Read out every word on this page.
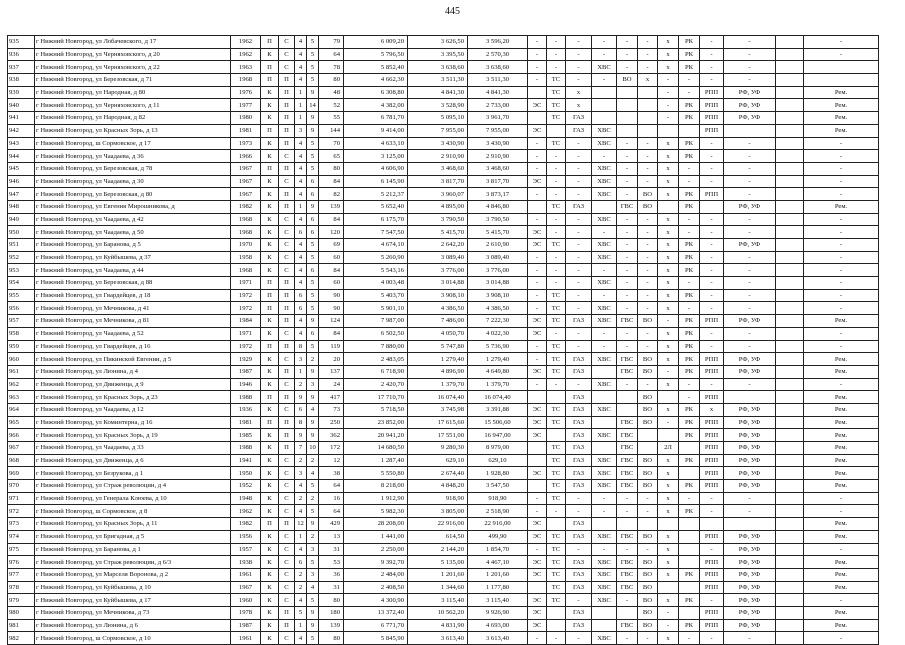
445
935	г Нижний Новгород, ул Лобачевского, д 17	1962	П	С	4	5	79	6 009,20	3 626,50	3 596,20	-	-	-	-	-	-	x	РК	-	-		-
936	г Нижний Новгород, ул Черняховского, д 20	1962	К	С	4	5	64	5 796,50	3 395,50	2 570,30	-	-	-	-	-	-	x	РК	-	-		-
937	г Нижний Новгород, ул Черняховского, д 22	1963	П	С	4	5	78	5 852,40	3 638,60	3 638,60	-	-	-	ХВС	-	-	x	РК	-	-		
938	г Нижний Новгород, ул Березовская, д 71	1968	П	П	4	5	80	4 662,30	3 511,30	3 511,30	-	ТС	-	-	ВО	x	-	-	-	-		
939	г Нижний Новгород, ул Народная, д 80	1976	К	П	1	9	48	6 308,80	4 841,30	4 841,30		ТС	x				-	-	РПП	РФ, УФ		Рем.
940	г Нижний Новгород, ул Черняховского, д 11	1977	К	П	1	14	52	4 382,00	3 528,90	2 733,00	ЭС	ТС	x				-	РК	РПП	РФ, УФ		Рем.
941	г Нижний Новгород, ул Народная, д 82	1980	К	П	1	9	55	6 781,70	5 095,10	3 961,70		ТС	ГАЗ				-	РК	РПП	РФ, УФ		Рем.
942	г Нижний Новгород, ул Красных Зорь, д 13	1981	П	П	3	9	144	9 414,00	7 955,00	7 955,00	ЭС		ГАЗ	ХВС					РПП			Рем.
943	г Нижний Новгород, ш Сормовское, д 17	1973	К	П	4	5	70	4 633,10	3 430,90	3 430,90	-	ТС	-	ХВС	-	-	x	РК	-	-		-
944	г Нижний Новгород, ул Чаадаева, д 36	1966	К	С	4	5	65	3 125,00	2 910,90	2 910,90	-	-	-	-	-	-	x	РК	-	-		-
945	г Нижний Новгород, ул Березовская, д 78	1967	П	П	4	5	80	4 606,90	3 468,60	3 468,60	-	-	-	ХВС	-	-	x	-	-	-		-
946	г Нижний Новгород, ул Чаадаева, д 30	1967	К	С	4	6	84	6 145,90	3 817,70	3 817,70	ЭС	-	-	ХВС	-	-	x	-	-	-		-
947	г Нижний Новгород, ул Березовская, д 80	1967	К	П	4	6	82	5 212,37	3 960,07	3 873,17	-	-	-	ХВС	-	ВО	x	РК	РПП	-		-
948	г Нижний Новгород, ул Евгения Мирошникова, д	1982	К	П	1	9	139	5 652,40	4 895,00	4 846,80		ТС	ГАЗ		ГВС	ВО		РК		РФ, УФ		Рем.
949	г Нижний Новгород, ул Чаадаева, д 42	1968	К	С	4	6	84	6 175,70	3 790,50	3 790,50	-	-	-	ХВС	-	-	x	-	-	-		-
950	г Нижний Новгород, ул Чаадаева, д 50	1968	К	С	6	6	120	7 547,50	5 415,70	5 415,70	ЭС	-	-	-	-	-	x	-	-	-		-
951	г Нижний Новгород, ул Баранова, д 5	1970	К	С	4	5	69	4 674,10	2 642,20	2 610,90	ЭС	ТС	-	ХВС	-	-	x	РК	-	РФ, УФ		-
952	г Нижний Новгород, ул Куйбышева, д 37	1958	К	С	4	5	60	5 260,90	3 089,40	3 089,40	-	-	-	ХВС	-	-	x	РК	-	-		-
953	г Нижний Новгород, ул Чаадаева, д 44	1968	К	С	4	6	84	5 543,16	3 776,00	3 776,00	-	-	-	-	-	-	x	РК	-	-		-
954	г Нижний Новгород, ул Березовская, д 88	1971	П	П	4	5	60	4 003,48	3 014,88	3 014,88	-	-	-	ХВС	-	-	x	-	-	-		-
955	г Нижний Новгород, ул Гвардейцев, д 18	1972	П	П	6	5	90	5 403,70	3 908,10	3 908,10	-	ТС	-	-	-	-	x	РК	-	-		-
956	г Нижний Новгород, ул Мечникова, д 41	1972	П	П	6	5	90	5 901,10	4 386,50	4 386,50	-	ТС	-	ХВС	-	-	x	-	-	-		-
957	г Нижний Новгород, ул Мечникова, д 81	1984	К	П	4	9	124	7 987,00	7 486,00	7 222,30	ЭС	ТС	ГАЗ	ХВС	ГВС	ВО	-	РК	РПП	РФ, УФ		Рем.
958	г Нижний Новгород, ул Чаадаева, д 52	1971	К	С	4	6	84	6 502,50	4 050,70	4 022,30	ЭС	-	-	-	-	-	x	РК	-	-		-
959	г Нижний Новгород, ул Гвардейцев, д 16	1972	П	П	8	5	119	7 880,00	5 747,80	5 736,90	-	ТС	-	-	-	-	x	РК	-	-		-
960	г Нижний Новгород, ул Пикинской Евгении, д 5	1929	К	С	3	2	20	2 483,05	1 279,40	1 279,40	-	ТС	ГАЗ	ХВС	ГВС	ВО	x	РК	РПП	РФ, УФ		Рем.
961	г Нижний Новгород, ул Люнина, д 4	1987	К	П	1	9	137	6 718,90	4 896,90	4 649,80	ЭС	ТС	ГАЗ		ГВС	ВО	-	РК	РПП	РФ, УФ		Рем.
962	г Нижний Новгород, ул Движенца, д 9	1946	К	С	2	3	24	2 420,70	1 379,70	1 379,70	-	-	-	ХВС	-	-	x	-	-	-		-
963	г Нижний Новгород, ул Красных Зорь, д 23	1988	П	П	9	9	417	17 710,70	16 074,40	16 074,40			ГАЗ			ВО		-	РПП			Рем.
964	г Нижний Новгород, ул Чаадаева, д 12	1936	К	С	6	4	73	5 718,50	3 745,98	3 391,88	ЭС	ТС	ГАЗ	ХВС		ВО	x	РК	x	РФ, УФ		Рем.
965	г Нижний Новгород, ул Коминтерна, д 16	1981	П	П	8	9	250	23 852,00	17 615,60	15 506,60	ЭС	ТС	ГАЗ		ГВС	ВО	-	РК	РПП	РФ, УФ		Рем.
966	г Нижний Новгород, ул Красных Зорь, д 19	1985	К	П	9	9	362	20 941,20	17 551,00	16 947,00	ЭС		ГАЗ	ХВС	ГВС			РК	РПП	РФ, УФ		Рем.
967	г Нижний Новгород, ул Чаадаева, д 33	1988	К	П	7	10	172	14 680,50	9 280,30	8 979,00		ТС	ГАЗ		ГВС		2Л		РПП	РФ, УФ		Рем.
968	г Нижний Новгород, ул Движенца, д 6	1941	К	С	2	2	12	1 287,40	629,10	629,10		ТС	ГАЗ	ХВС	ГВС	ВО	x	РК	РПП	РФ, УФ		Рем.
969	г Нижний Новгород, ул Безрукова, д 1	1950	К	С	3	4	38	5 550,80	2 674,40	1 928,80	ЭС	ТС	ГАЗ	ХВС	ГВС	ВО	x		РПП	РФ, УФ		Рем.
970	г Нижний Новгород, ул Страж революции, д 4	1952	К	С	4	5	64	8 218,00	4 848,20	3 547,50		ТС	ГАЗ	ХВС	ГВС	ВО	x	РК	РПП	РФ, УФ		Рем.
971	г Нижний Новгород, ул Генерала Клюева, д 10	1948	К	С	2	2	16	1 912,90	918,90	918,90	-	ТС	-	-	-	-	x	-	-	-		-
972	г Нижний Новгород, ш Сормовское, д 8	1962	К	С	4	5	64	5 982,30	3 805,00	2 518,90	-	-	-	-	-	-	x	РК	-	-		-
973	г Нижний Новгород, ул Красных Зорь, д 11	1982	П	П	12	9	429	28 208,00	22 916,00	22 916,00	ЭС		ГАЗ									Рем.
974	г Нижний Новгород, ул Бригадная, д 5	1956	К	С	1	2	13	1 441,00	614,50	499,90	ЭС	ТС	ГАЗ	ХВС	ГВС	ВО	x		РПП	РФ, УФ		Рем.
975	г Нижний Новгород, ул Баранова, д 1	1957	К	С	4	3	31	2 250,00	2 144,20	1 854,70	-	ТС	-	-	-	-	x		-	РФ, УФ		-
976	г Нижний Новгород, ул Страж революции, д 6/3	1938	К	С	6	5	53	9 392,70	5 135,00	4 467,10	ЭС	ТС	ГАЗ	ХВС	ГВС	ВО	x		РПП	РФ, УФ		Рем.
977	г Нижний Новгород, ул Марселя Воронова, д 2	1961	К	С	2	3	36	2 484,00	1 201,60	1 201,60	ЭС	ТС	ГАЗ	ХВС	ГВС	ВО	x	РК	РПП	РФ, УФ		Рем.
978	г Нижний Новгород, ул Куйбышева, д 10	1967	К	С	2	4	31	2 408,50	1 344,60	1 177,80		ТС	ГАЗ	ХВС	ГВС	ВО			РПП	РФ, УФ		Рем.
979	г Нижний Новгород, ул Куйбышева, д 17	1960	К	С	4	5	80	4 300,90	3 115,40	3 115,40	ЭС	ТС	-	ХВС	-	ВО	x	РК	-	РФ, УФ		-
980	г Нижний Новгород, ул Мечникова, д 73	1978	К	П	5	9	180	13 372,40	10 562,20	9 926,90	ЭС		ГАЗ			ВО	-		РПП	РФ, УФ		Рем.
981	г Нижний Новгород, ул Люнина, д 6	1987	К	П	1	9	139	6 771,70	4 831,90	4 693,00	ЭС		ГАЗ		ГВС	ВО	-	РК	РПП	РФ, УФ		Рем.
982	г Нижний Новгород, ш Сормовское, д 10	1961	К	С	4	5	80	5 845,90	3 613,40	3 613,40	-	-	-	ХВС	-	-	x	-	-	-		-
